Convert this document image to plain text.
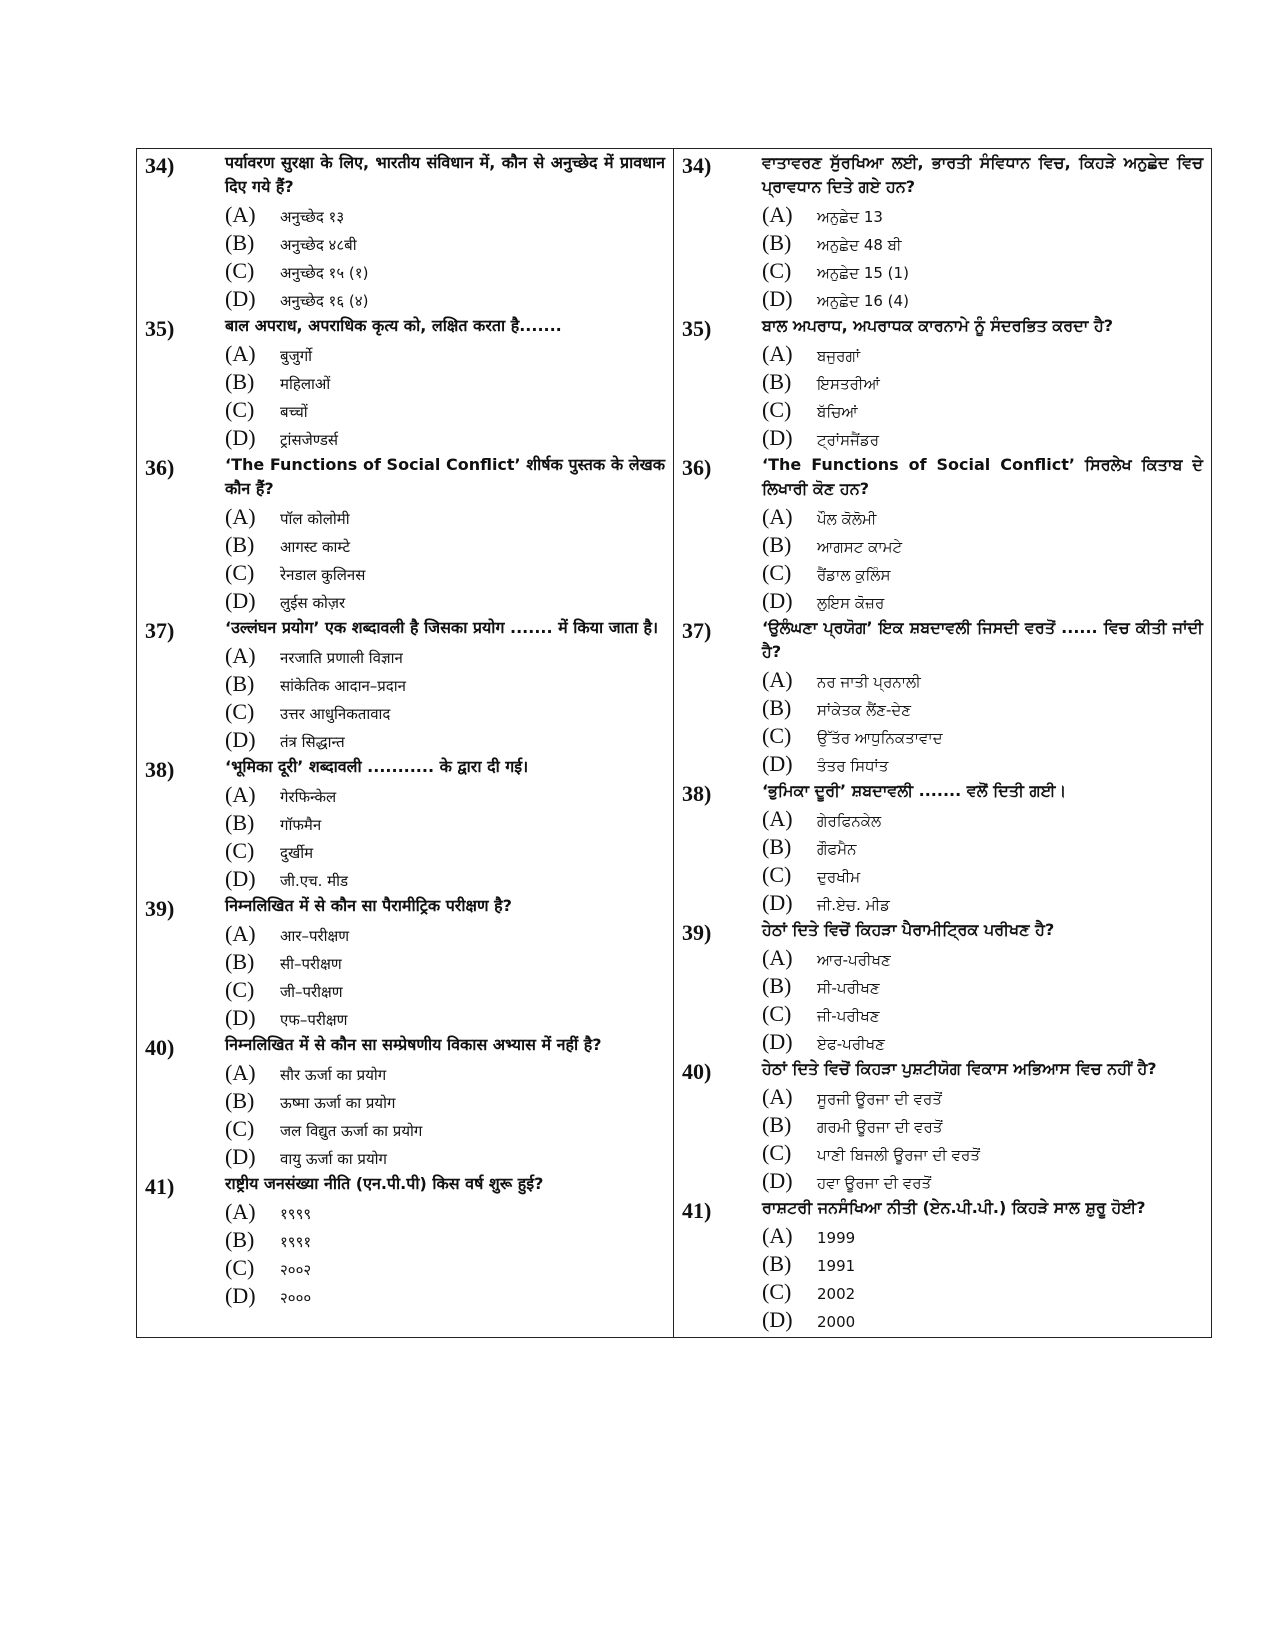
34)	पर्यावरण सुरक्षा के लिए, भारतीय संविधान में, कौन से अनुच्छेद में प्रावधान दिए गये हैं?
(A)	अनुच्छेद १३
(B)	अनुच्छेद ४८बी
(C)	अनुच्छेद १५ (१)
(D)	अनुच्छेद १६ (४)
35)	बाल अपराध, अपराधिक कृत्य को, लक्षित करता है.......
(A)	बुजुर्गो
(B)	महिलाओं
(C)	बच्चों
(D)	ट्रांसजेण्डर्स
36)	‘The Functions of Social Conflict’ शीर्षक पुस्तक के लेखक कौन हैं?
(A)	पॉल कोलोमी
(B)	आगस्ट काम्टे
(C)	रेनडाल कुलिनस
(D)	लुईस कोज़र
37)	‘उल्लंघन प्रयोग’ एक शब्दावली है जिसका प्रयोग ....... में किया जाता है।
(A)	नरजाति प्रणाली विज्ञान
(B)	सांकेतिक आदान–प्रदान
(C)	उत्तर आधुनिकतावाद
(D)	तंत्र सिद्धान्त
38)	‘भूमिका दूरी’ शब्दावली ........... के द्वारा दी गई।
(A)	गेरफिन्केल
(B)	गॉफमैन
(C)	दुर्खीम
(D)	जी.एच. मीड
39)	निम्नलिखित में से कौन सा पैरामीट्रिक परीक्षण है?
(A)	आर–परीक्षण
(B)	सी–परीक्षण
(C)	जी–परीक्षण
(D)	एफ–परीक्षण
40)	निम्नलिखित में से कौन सा सम्प्रेषणीय विकास अभ्यास में नहीं है?
(A)	सौर ऊर्जा का प्रयोग
(B)	ऊष्मा ऊर्जा का प्रयोग
(C)	जल विद्युत ऊर्जा का प्रयोग
(D)	वायु ऊर्जा का प्रयोग
41)	राष्ट्रीय जनसंख्या नीति (एन.पी.पी) किस वर्ष शुरू हुई?
(A)	१९९९
(B)	१९९१
(C)	२००२
(D)	२०००
34)	ਵਾਤਾਵਰਣ ਸੁੱਰਖਿਆ ਲਈ, ਭਾਰਤੀ ਸੰਵਿਧਾਨ ਵਿਚ, ਕਿਹੜੇ ਅਨੁਛੇਦ ਵਿਚ ਪ੍ਰਾਵਧਾਨ ਦਿਤੇ ਗਏ ਹਨ?
(A)	ਅਨੁਛੇਦ 13
(B)	ਅਨੁਛੇਦ 48 ਬੀ
(C)	ਅਨੁਛੇਦ 15 (1)
(D)	ਅਨੁਛੇਦ 16 (4)
35)	ਬਾਲ ਅਪਰਾਧ, ਅਪਰਾਧਕ ਕਾਰਨਾਮੇ ਨੂੰ ਸੰਦਰਭਿਤ ਕਰਦਾ ਹੈ?
(A)	ਬਜੁਰਗਾਂ
(B)	ਇਸਤਰੀਆਂ
(C)	ਬੱਚਿਆਂ
(D)	ਟ੍ਰਾਂਸਜੈਂਡਰ
36)	‘The Functions of Social Conflict’ ਸਿਰਲੇਖ ਕਿਤਾਬ ਦੇ ਲਿਖਾਰੀ ਕੋਣ ਹਨ?
(A)	ਪੌਲ ਕੋਲੋਮੀ
(B)	ਆਗਸਟ ਕਾਮਟੇ
(C)	ਰੈਂਡਾਲ ਕੁਲਿੰਸ
(D)	ਲੁਇਸ ਕੋਜ਼ਰ
37)	‘ਉਲੰਘਣਾ ਪ੍ਰਯੋਗ’ ਇਕ ਸ਼ਬਦਾਵਲੀ ਜਿਸਦੀ ਵਰਤੋਂ ...... ਵਿਚ ਕੀਤੀ ਜਾਂਦੀ ਹੈ?
(A)	ਨਰ ਜਾਤੀ ਪ੍ਰਨਾਲੀ
(B)	ਸਾਂਕੇਤਕ ਲੈਂਣ-ਦੇਣ
(C)	ਉੱਤੱਰ ਆਧੁਨਿਕਤਾਵਾਦ
(D)	ਤੰਤਰ ਸਿਧਾਂਤ
38)	‘ਭੁਮਿਕਾ ਦੂਰੀ’ ਸ਼ਬਦਾਵਲੀ ....... ਵਲੋਂ ਦਿਤੀ ਗਈ।
(A)	ਗੇਰਫਿਨਕੇਲ
(B)	ਗੌਫਮੈਨ
(C)	ਦੁਰਖੀਮ
(D)	ਜੀ.ਏਚ. ਮੀਡ
39)	ਹੇਠਾਂ ਦਿਤੇ ਵਿਚੋਂ ਕਿਹੜਾ ਪੈਰਾਮੀਟ੍ਰਿਕ ਪਰੀਖਣ ਹੈ?
(A)	ਆਰ-ਪਰੀਖਣ
(B)	ਸੀ-ਪਰੀਖਣ
(C)	ਜੀ-ਪਰੀਖਣ
(D)	ਏਫ-ਪਰੀਖਣ
40)	ਹੇਠਾਂ ਦਿਤੇ ਵਿਚੋਂ ਕਿਹੜਾ ਪੁਸ਼ਟੀਯੋਗ ਵਿਕਾਸ ਅਭਿਆਸ ਵਿਚ ਨਹੀਂ ਹੈ?
(A)	ਸੂਰਜੀ ਊਰਜਾ ਦੀ ਵਰਤੋਂ
(B)	ਗਰਮੀ ਊਰਜਾ ਦੀ ਵਰਤੋਂ
(C)	ਪਾਣੀ ਬਿਜਲੀ ਊਰਜਾ ਦੀ ਵਰਤੋਂ
(D)	ਹਵਾ ਊਰਜਾ ਦੀ ਵਰਤੋਂ
41)	ਰਾਸ਼ਟਰੀ ਜਨਸੰਖਿਆ ਨੀਤੀ (ਏਨ.ਪੀ.ਪੀ.) ਕਿਹੜੇ ਸਾਲ ਸ਼ੁਰੂ ਹੋਈ?
(A)	1999
(B)	1991
(C)	2002
(D)	2000
